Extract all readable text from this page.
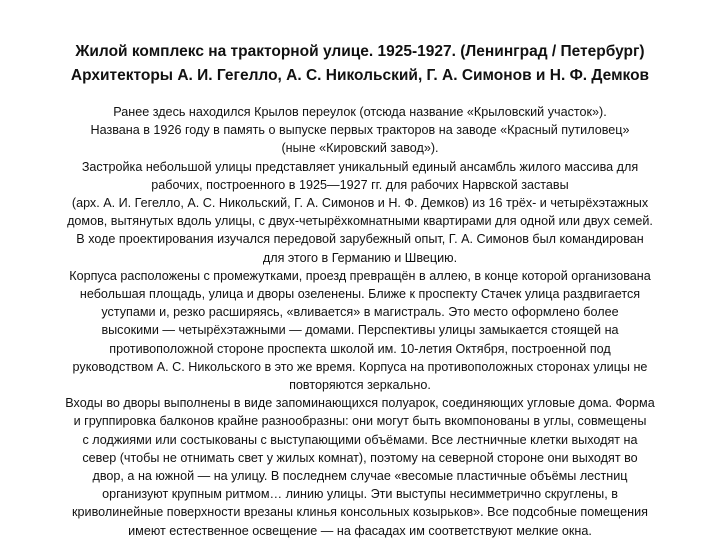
Жилой комплекс на тракторной улице. 1925-1927. (Ленинград / Петербург)
Архитекторы А. И. Гегелло, А. С. Никольский, Г. А. Симонов и Н. Ф. Демков
Ранее здесь находился Крылов переулок (отсюда название «Крыловский участок»).
Названа в 1926 году в память о выпуске первых тракторов на заводе «Красный путиловец»
(ныне «Кировский завод»).
Застройка небольшой улицы представляет уникальный единый ансамбль жилого массива для
рабочих, построенного в 1925—1927 гг. для рабочих Нарвской заставы
(арх. А. И. Гегелло, А. С. Никольский, Г. А. Симонов и Н. Ф. Демков) из 16 трёх- и четырёхэтажных
домов, вытянутых вдоль улицы, с двух-четырёхкомнатными квартирами для одной или двух семей.
В ходе проектирования изучался передовой зарубежный опыт, Г. А. Симонов был командирован
для этого в Германию и Швецию.
Корпуса расположены с промежутками, проезд превращён в аллею, в конце которой организована
небольшая площадь, улица и дворы озеленены. Ближе к проспекту Стачек улица раздвигается
уступами и, резко расширяясь, «вливается» в магистраль. Это место оформлено более
высокими — четырёхэтажными — домами. Перспективы улицы замыкается стоящей на
противоположной стороне проспекта школой им. 10-летия Октября, построенной под
руководством А. С. Никольского в это же время. Корпуса на противоположных сторонах улицы не
повторяются зеркально.
Входы во дворы выполнены в виде запоминающихся полуарок, соединяющих угловые дома. Форма
и группировка балконов крайне разнообразны: они могут быть вкомпонованы в углы, совмещены
с лоджиями или состыкованы с выступающими объёмами. Все лестничные клетки выходят на
север (чтобы не отнимать свет у жилых комнат), поэтому на северной стороне они выходят во
двор, а на южной — на улицу. В последнем случае «весомые пластичные объёмы лестниц
организуют крупным ритмом… линию улицы. Эти выступы несимметрично скруглены, в
криволинейные поверхности врезаны клинья консольных козырьков». Все подсобные помещения
имеют естественное освещение — на фасадах им соответствуют мелкие окна.
